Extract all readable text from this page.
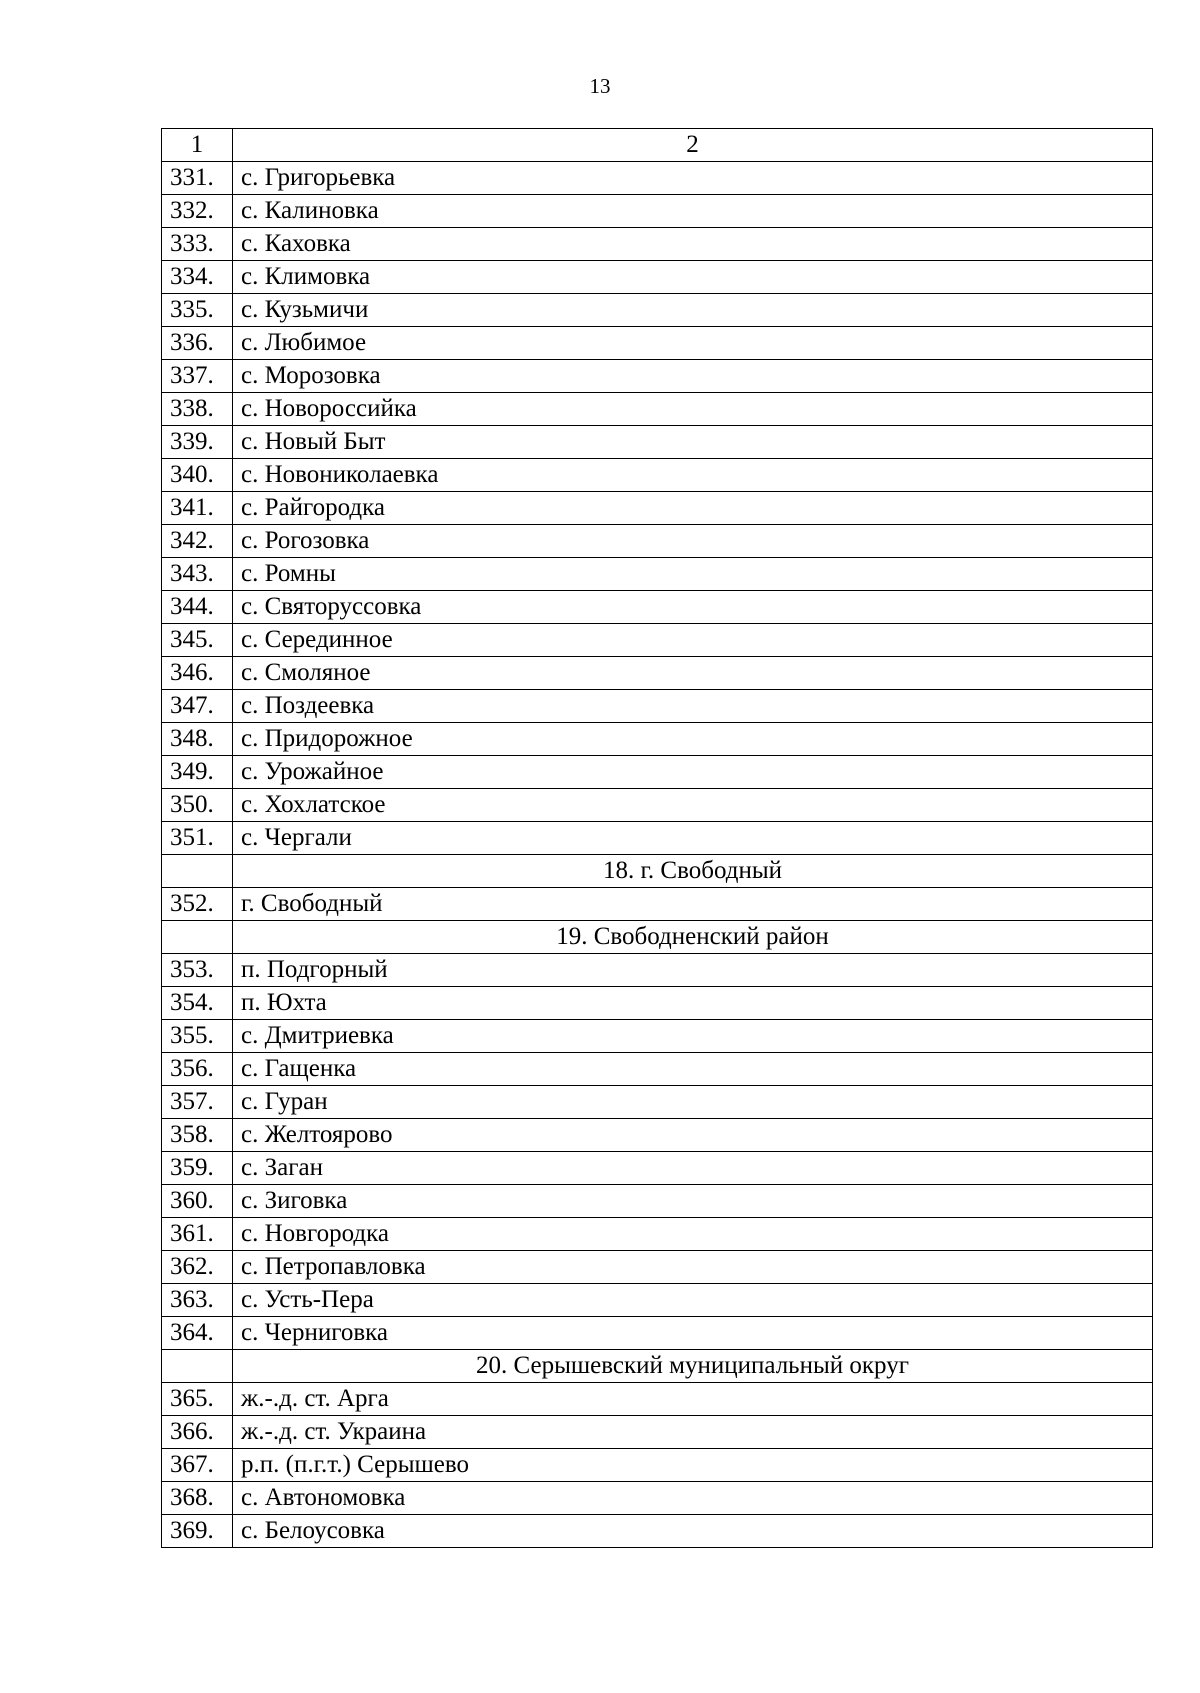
13
1	2
331.	с. Григорьевка
332.	с. Калиновка
333.	с. Каховка
334.	с. Климовка
335.	с. Кузьмичи
336.	с. Любимое
337.	с. Морозовка
338.	с. Новороссийка
339.	с. Новый Быт
340.	с. Новониколаевка
341.	с. Райгородка
342.	с. Рогозовка
343.	с. Ромны
344.	с. Святоруссовка
345.	с. Серединное
346.	с. Смоляное
347.	с. Поздеевка
348.	с. Придорожное
349.	с. Урожайное
350.	с. Хохлатское
351.	с. Чергали
	18. г. Свободный
352.	г. Свободный
	19. Свободненский район
353.	п. Подгорный
354.	п. Юхта
355.	с. Дмитриевка
356.	с. Гащенка
357.	с. Гуран
358.	с. Желтоярово
359.	с. Заган
360.	с. Зиговка
361.	с. Новгородка
362.	с. Петропавловка
363.	с. Усть-Пера
364.	с. Черниговка
	20. Серышевский муниципальный округ
365.	ж.-.д. ст. Арга
366.	ж.-.д. ст. Украина
367.	р.п. (п.г.т.) Серышево
368.	с. Автономовка
369.	с. Белоусовка
